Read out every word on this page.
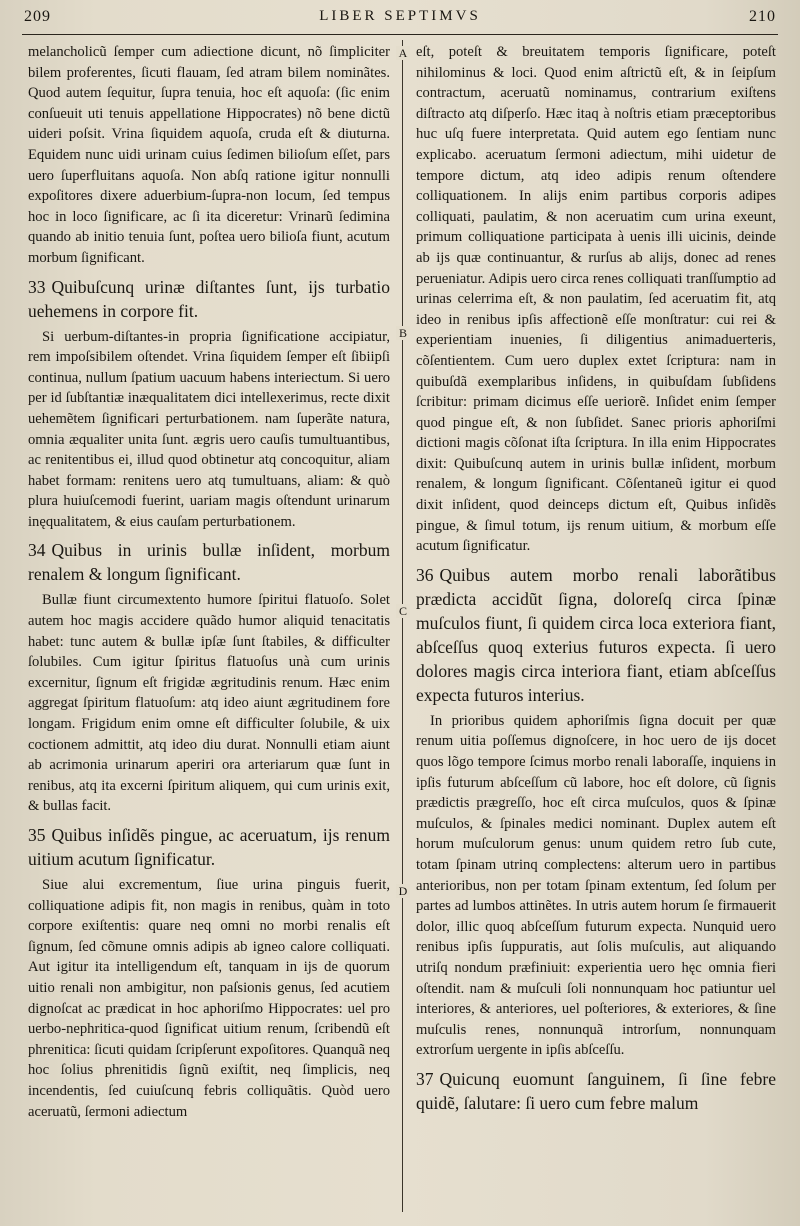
209	LIBER SEPTIMVS	210
A
B
C
D

melancholicũ ſemper cum adiectione dicunt, nõ ſimpliciter bilem proferentes, ſicuti flauam, ſed atram bilem nominãtes. Quod autem ſequitur, ſupra tenuia, hoc eſt aquoſa: (ſic enim conſueuit uti tenuis appellatione Hippocrates) nõ bene dictũ uideri poſsit. Vrina ſiquidem aquoſa, cruda eſt & diuturna. Equidem nunc uidi urinam cuius ſedimen bilioſum eſſet, pars uero ſuperfluitans aquoſa. Non abſq ratione igitur nonnulli expoſitores dixere aduerbium-ſupra-non locum, ſed tempus hoc in loco ſignificare, ac ſi ita diceretur: Vrinarũ ſedimina quando ab initio tenuia ſunt, poſtea uero bilioſa fiunt, acutum morbum ſignificant.

33 Quibuſcunq urinæ diſtantes ſunt, ijs turbatio uehemens in corpore fit.

Si uerbum-diſtantes-in propria ſignificatione accipiatur, rem impoſsibilem oſtendet. Vrina ſiquidem ſemper eſt ſibiipſi continua, nullum ſpatium uacuum habens interiectum. Si uero per id ſubſtantiæ inæqualitatem dici intellexerimus, recte dixit uehemẽtem ſignificari perturbationem. nam ſuperãte natura, omnia æqualiter unita ſunt. ægris uero cauſis tumultuantibus, ac renitentibus ei, illud quod obtinetur atq concoquitur, aliam habet formam: renitens uero atq tumultuans, aliam: & quò plura huiuſcemodi fuerint, uariam magis oſtendunt urinarum inęqualitatem, & eius cauſam perturbationem.

34 Quibus in urinis bullæ inſident, morbum renalem & longum ſignificant.

Bullæ fiunt circumextento humore ſpiritui flatuoſo. Solet autem hoc magis accidere quãdo humor aliquid tenacitatis habet: tunc autem & bullæ ipſæ ſunt ſtabiles, & difficulter ſolubiles. Cum igitur ſpiritus flatuoſus unà cum urinis excernitur, ſignum eſt frigidæ ægritudinis renum. Hæc enim aggregat ſpiritum flatuoſum: atq ideo aiunt ægritudinem fore longam. Frigidum enim omne eſt difficulter ſolubile, & uix coctionem admittit, atq ideo diu durat. Nonnulli etiam aiunt ab acrimonia urinarum aperiri ora arteriarum quæ ſunt in renibus, atq ita excerni ſpiritum aliquem, qui cum urinis exit, & bullas facit.

35 Quibus inſidẽs pingue, ac aceruatum, ijs renum uitium acutum ſignificatur.

Siue alui excrementum, ſiue urina pinguis fuerit, colliquatione adipis fit, non magis in renibus, quàm in toto corpore exiſtentis: quare neq omni no morbi renalis eſt ſignum, ſed cõmune omnis adipis ab igneo calore colliquati. Aut igitur ita intelligendum eſt, tanquam in ijs de quorum uitio renali non ambigitur, non paſsionis genus, ſed acutiem dignoſcat ac prædicat in hoc aphoriſmo Hippocrates: uel pro uerbo-nephritica-quod ſignificat uitium renum, ſcribendũ eſt phrenitica: ſicuti quidam ſcripſerunt expoſitores. Quanquã neq hoc ſolius phrenitidis ſignũ exiſtit, neq ſimplicis, neq incendentis, ſed cuiuſcunq febris colliquãtis. Quòd uero aceruatũ, ſermoni adiectum

eſt, poteſt & breuitatem temporis ſignificare, poteſt nihilominus & loci. Quod enim aſtrictũ eſt, & in ſeipſum contractum, aceruatũ nominamus, contrarium exiſtens diſtracto atq diſperſo. Hæc itaq à noſtris etiam præceptoribus huc uſq fuere interpretata. Quid autem ego ſentiam nunc explicabo. aceruatum ſermoni adiectum, mihi uidetur de tempore dictum, atq ideo adipis renum oſtendere colliquationem. In alijs enim partibus corporis adipes colliquati, paulatim, & non aceruatim cum urina exeunt, primum colliquatione participata à uenis illi uicinis, deinde ab ijs quæ continuantur, & rurſus ab alijs, donec ad renes perueniatur. Adipis uero circa renes colliquati tranſſumptio ad urinas celerrima eſt, & non paulatim, ſed aceruatim fit, atq ideo in renibus ipſis affectionẽ eſſe monſtratur: cui rei & experientiam inuenies, ſi diligentius animaduerteris, cõſentientem. Cum uero duplex extet ſcriptura: nam in quibuſdã exemplaribus inſidens, in quibuſdam ſubſidens ſcribitur: primam dicimus eſſe ueriorẽ. Inſidet enim ſemper quod pingue eſt, & non ſubſidet. Sanec prioris aphoriſmi dictioni magis cõſonat iſta ſcriptura. In illa enim Hippocrates dixit: Quibuſcunq autem in urinis bullæ inſident, morbum renalem, & longum ſignificant. Cõſentaneũ igitur ei quod dixit inſident, quod deinceps dictum eſt, Quibus inſidẽs pingue, & ſimul totum, ijs renum uitium, & morbum eſſe acutum ſignificatur.

36 Quibus autem morbo renali laborãtibus prædicta accidũt ſigna, doloreſq circa ſpinæ muſculos fiunt, ſi quidem circa loca exteriora fiant, abſceſſus quoq exterius futuros expecta. ſi uero dolores magis circa interiora fiant, etiam abſceſſus expecta futuros interius.

In prioribus quidem aphoriſmis ſigna docuit per quæ renum uitia poſſemus dignoſcere, in hoc uero de ijs docet quos lõgo tempore ſcimus morbo renali laboraſſe, inquiens in ipſis futurum abſceſſum cũ labore, hoc eſt dolore, cũ ſignis prædictis prægreſſo, hoc eſt circa muſculos, quos & ſpinæ muſculos, & ſpinales medici nominant. Duplex autem eſt horum muſculorum genus: unum quidem retro ſub cute, totam ſpinam utrinq complectens: alterum uero in partibus anterioribus, non per totam ſpinam extentum, ſed ſolum per partes ad lumbos attinẽtes. In utris autem horum ſe firmauerit dolor, illic quoq abſceſſum futurum expecta. Nunquid uero renibus ipſis ſuppuratis, aut ſolis muſculis, aut aliquando utriſq nondum præfiniuit: experientia uero hęc omnia fieri oſtendit. nam & muſculi ſoli nonnunquam hoc patiuntur uel interiores, & anteriores, uel poſteriores, & exteriores, & ſine muſculis renes, nonnunquã introrſum, nonnunquam extrorſum uergente in ipſis abſceſſu.

37 Quicunq euomunt ſanguinem, ſi ſine febre quidẽ, ſalutare: ſi uero cum febre malum
